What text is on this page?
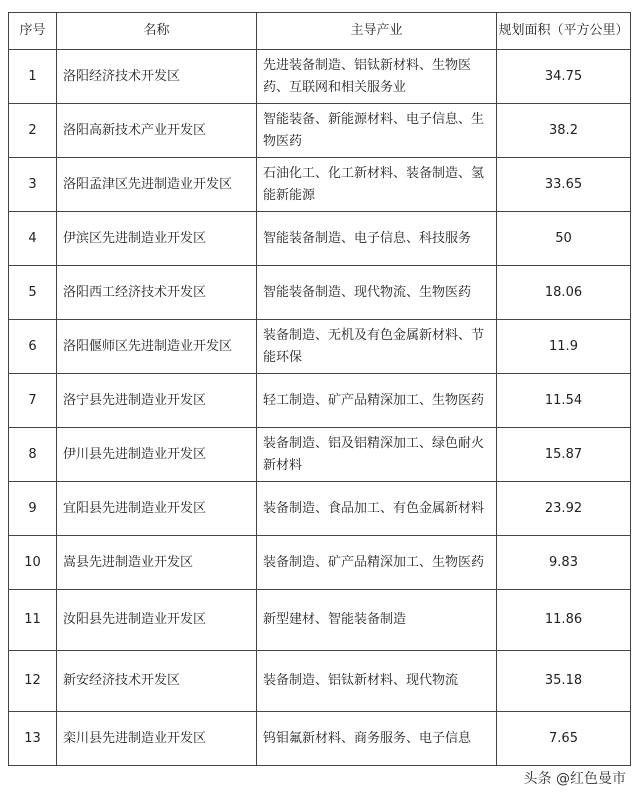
序号	名称	主导产业	规划面积（平方公里）
1	洛阳经济技术开发区	先进装备制造、铝钛新材料、生物医药、互联网和相关服务业	34.75
2	洛阳高新技术产业开发区	智能装备、新能源材料、电子信息、生物医药	38.2
3	洛阳孟津区先进制造业开发区	石油化工、化工新材料、装备制造、氢能新能源	33.65
4	伊滨区先进制造业开发区	智能装备制造、电子信息、科技服务	50
5	洛阳西工经济技术开发区	智能装备制造、现代物流、生物医药	18.06
6	洛阳偃师区先进制造业开发区	装备制造、无机及有色金属新材料、节能环保	11.9
7	洛宁县先进制造业开发区	轻工制造、矿产品精深加工、生物医药	11.54
8	伊川县先进制造业开发区	装备制造、铝及铝精深加工、绿色耐火新材料	15.87
9	宜阳县先进制造业开发区	装备制造、食品加工、有色金属新材料	23.92
10	嵩县先进制造业开发区	装备制造、矿产品精深加工、生物医药	9.83
11	汝阳县先进制造业开发区	新型建材、智能装备制造	11.86
12	新安经济技术开发区	装备制造、铝钛新材料、现代物流	35.18
13	栾川县先进制造业开发区	钨钼氟新材料、商务服务、电子信息	7.65
头条 @红色曼市
